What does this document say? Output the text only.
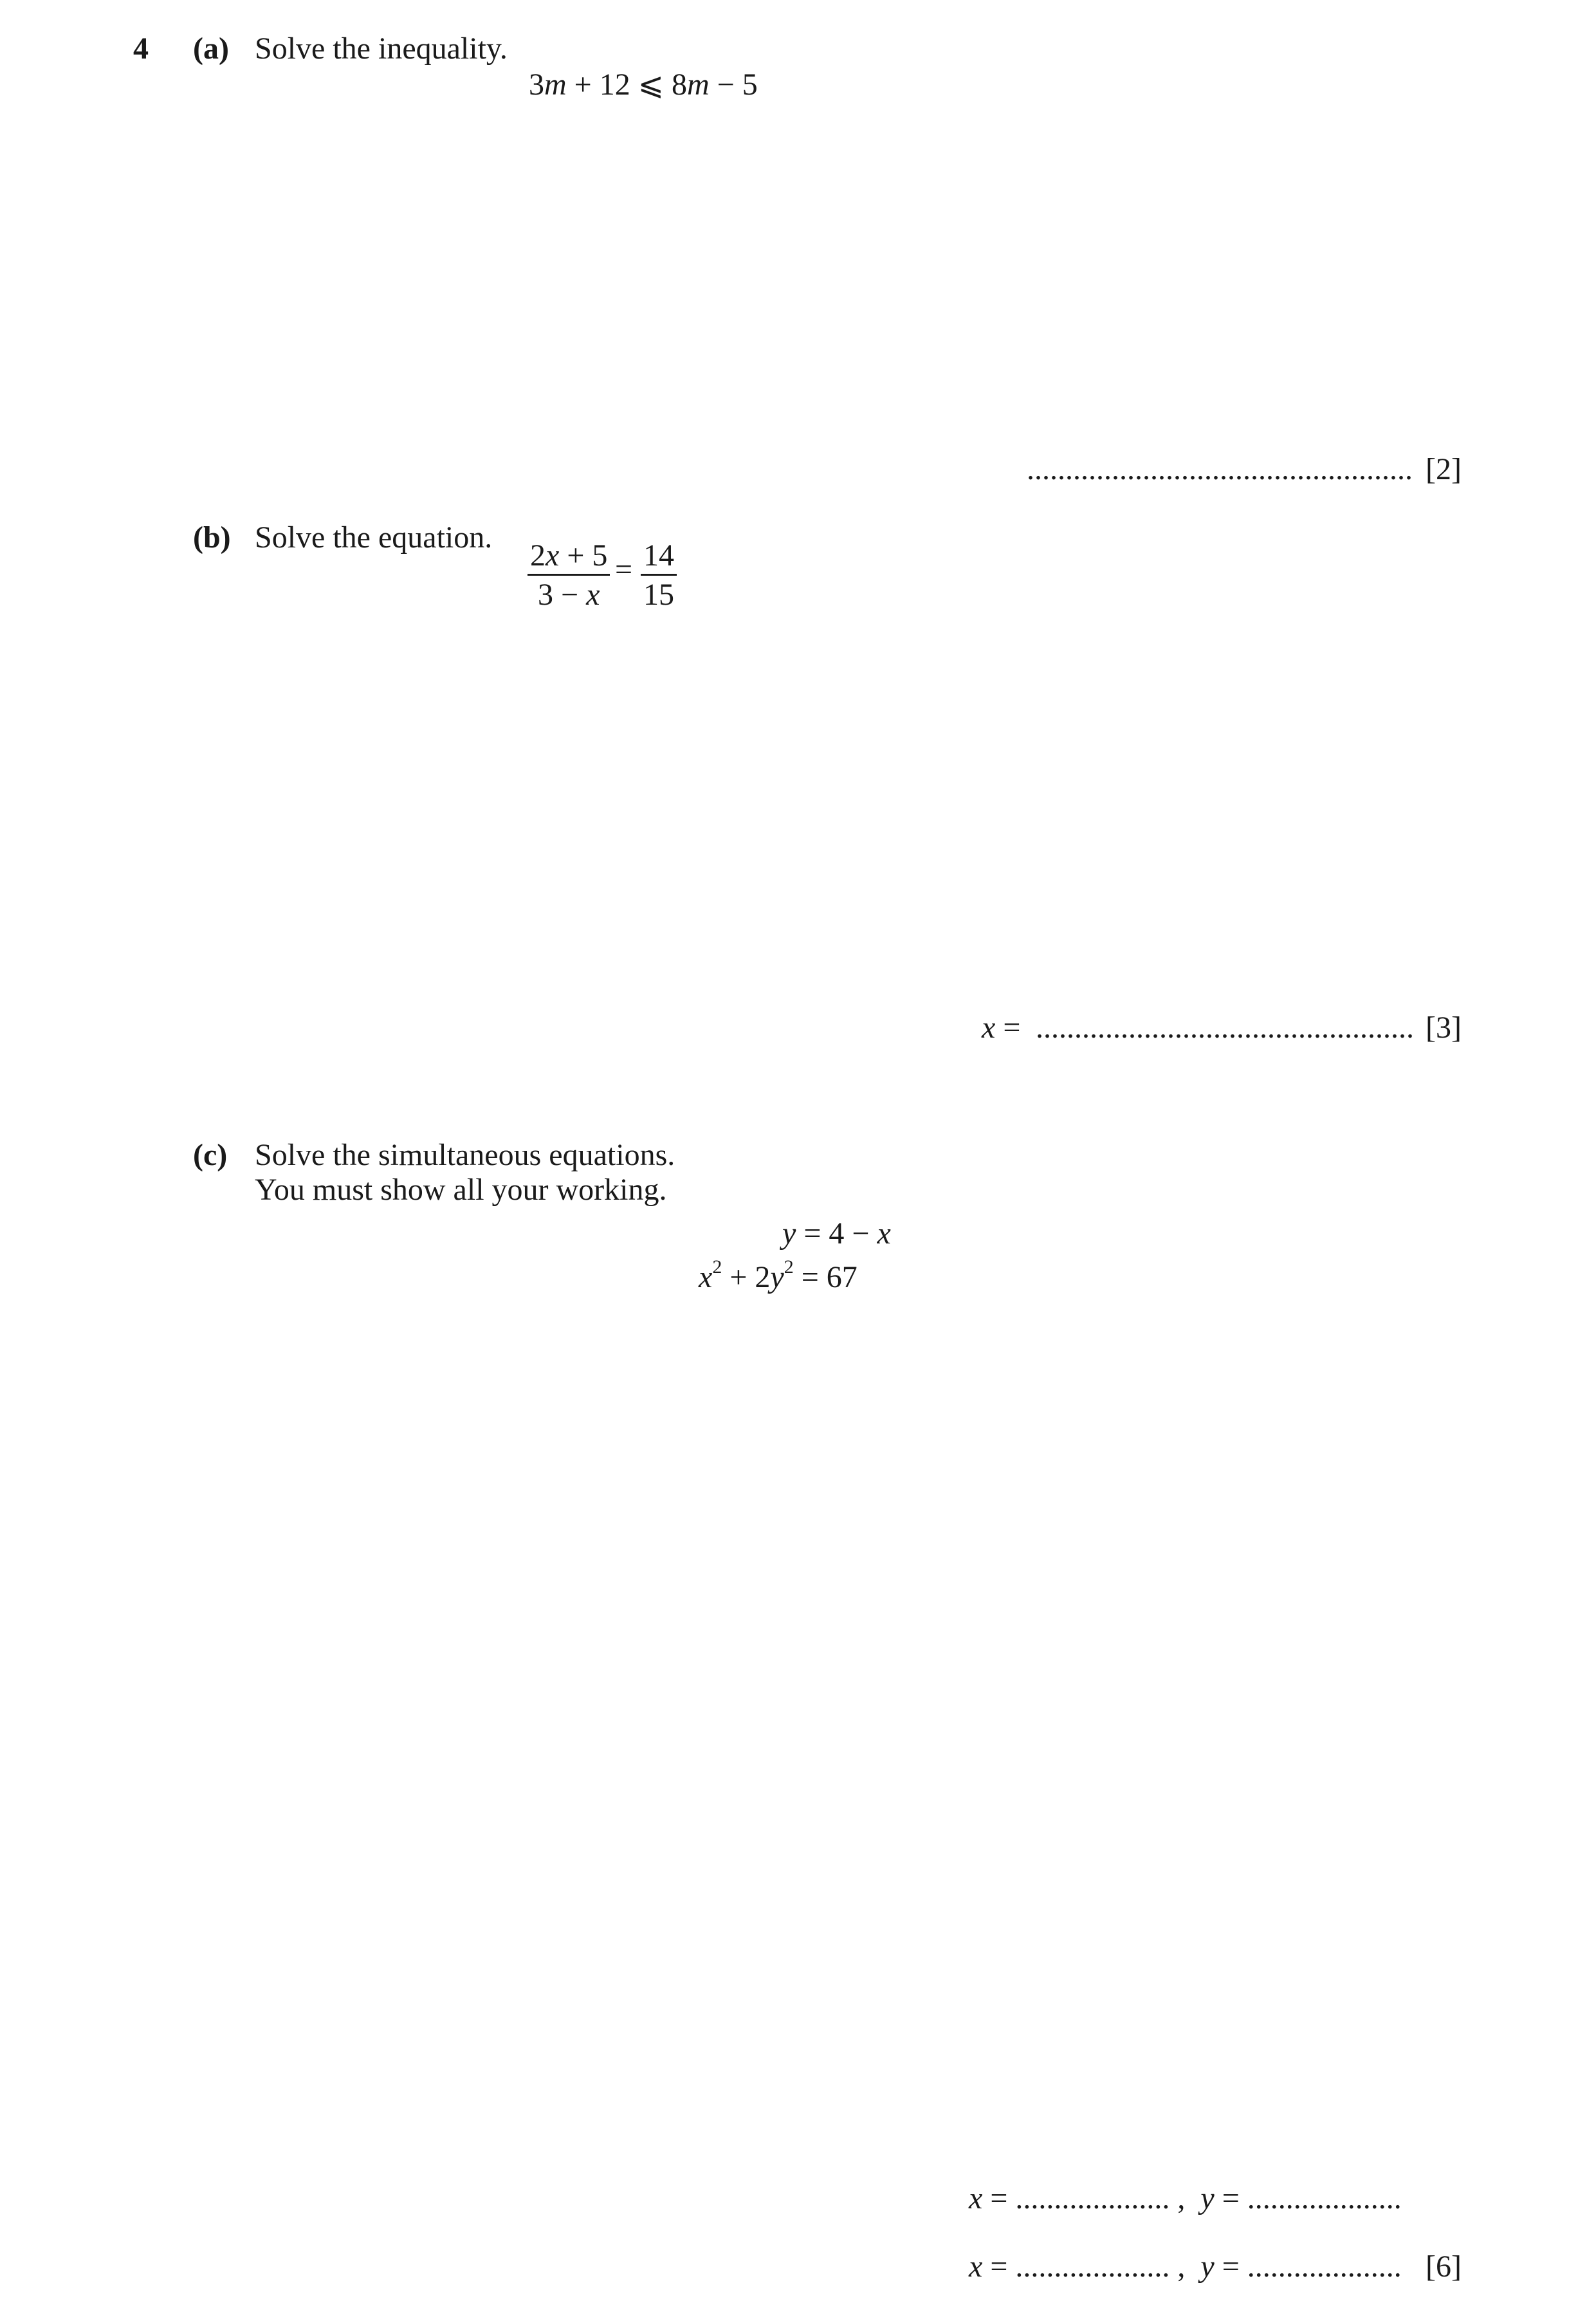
4 (a) Solve the inequality.
3m + 12 ⩽ 8m − 5
.................................................. [2]
(b) Solve the equation.
2x + 5
3 − x
= 14
15
x = ................................................. [3]
(c) Solve the simultaneous equations.
You must show all your working.
y = 4 − x
$x^2 + 2y^2 = 67$
x = .................... , y = ....................
x = .................... , y = .................... [6]
